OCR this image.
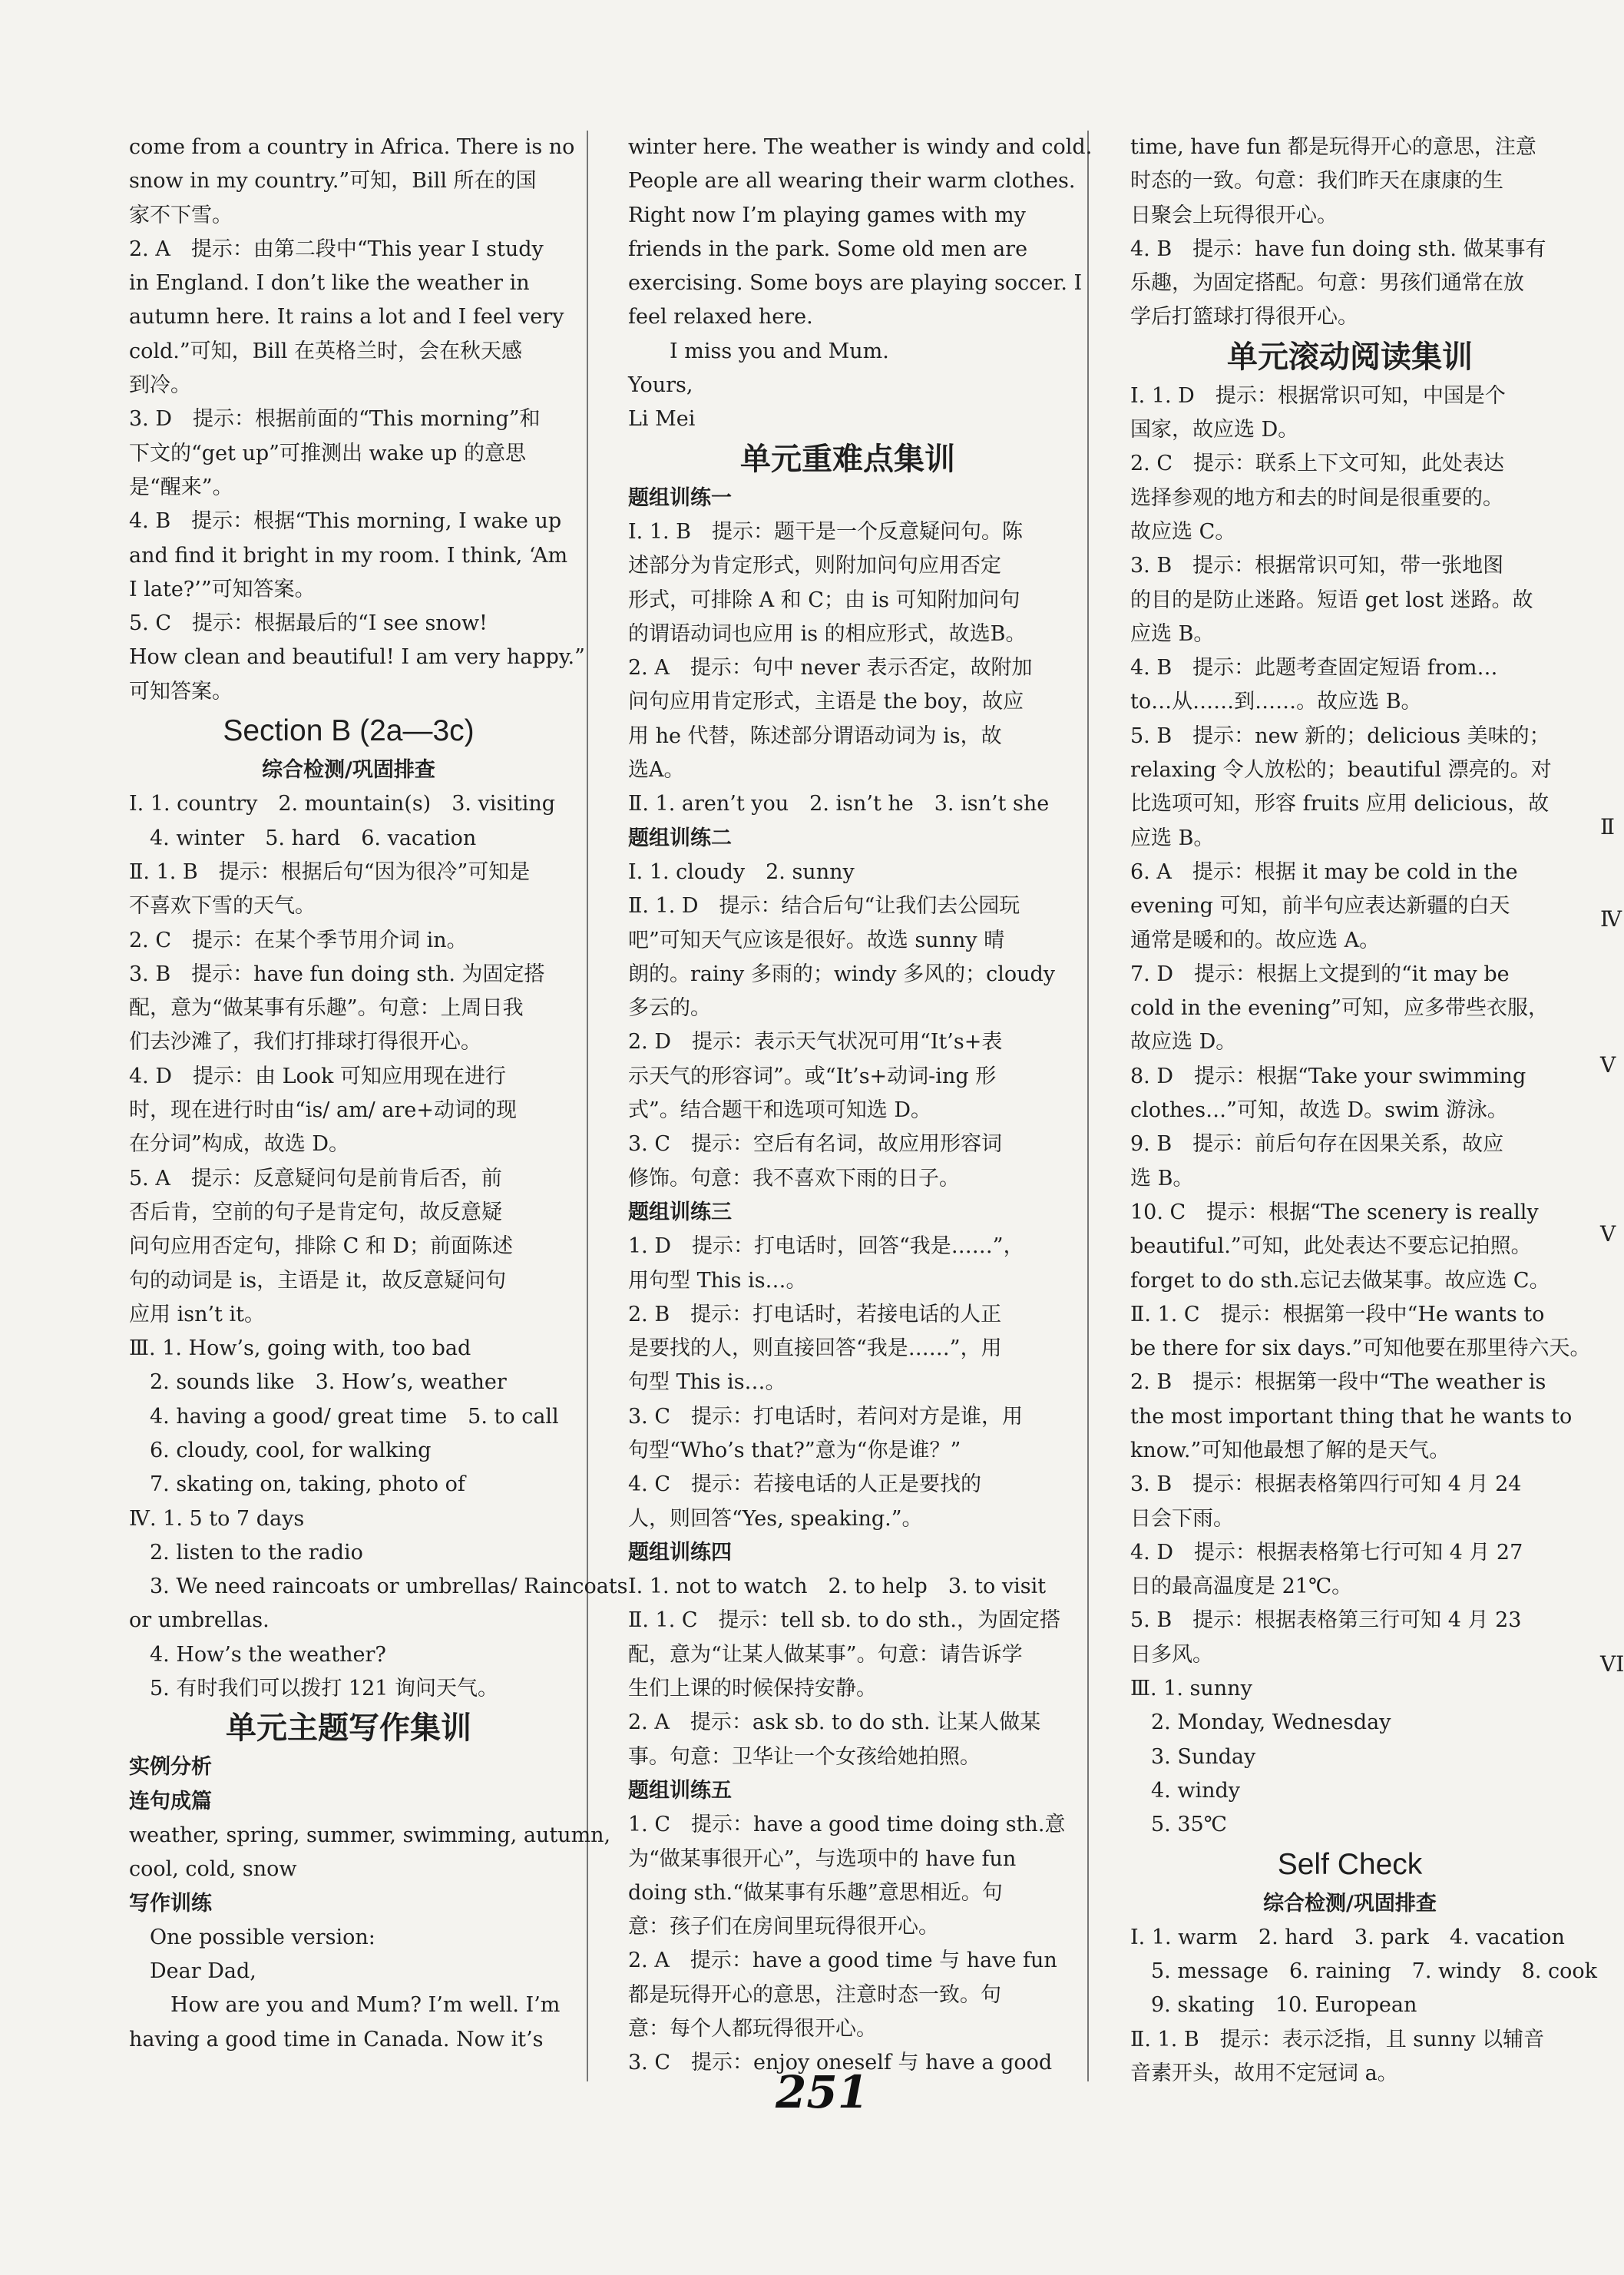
come from a country in Africa. There is no
snow in my country.”可知，Bill 所在的国
家不下雪。
2. A　提示：由第二段中“This year I study
in England. I don’t like the weather in
autumn here. It rains a lot and I feel very
cold.”可知，Bill 在英格兰时，会在秋天感
到冷。
3. D　提示：根据前面的“This morning”和
下文的“get up”可推测出 wake up 的意思
是“醒来”。
4. B　提示：根据“This morning, I wake up
and find it bright in my room. I think, ‘Am
I late?’”可知答案。
5. C　提示：根据最后的“I see snow!
How clean and beautiful! I am very happy.”
可知答案。
Section B (2a—3c)
综合检测/巩固排查
Ⅰ. 1. country　2. mountain(s)　3. visiting
　4. winter　5. hard　6. vacation
Ⅱ. 1. B　提示：根据后句“因为很冷”可知是
不喜欢下雪的天气。
2. C　提示：在某个季节用介词 in。
3. B　提示：have fun doing sth. 为固定搭
配，意为“做某事有乐趣”。句意：上周日我
们去沙滩了，我们打排球打得很开心。
4. D　提示：由 Look 可知应用现在进行
时，现在进行时由“is/ am/ are+动词的现
在分词”构成，故选 D。
5. A　提示：反意疑问句是前肯后否，前
否后肯，空前的句子是肯定句，故反意疑
问句应用否定句，排除 C 和 D；前面陈述
句的动词是 is，主语是 it，故反意疑问句
应用 isn’t it。
Ⅲ. 1. How’s, going with, too bad
　2. sounds like　3. How’s, weather
　4. having a good/ great time　5. to call
　6. cloudy, cool, for walking
　7. skating on, taking, photo of
Ⅳ. 1. 5 to 7 days
　2. listen to the radio
　3. We need raincoats or umbrellas/ Raincoats
or umbrellas.
　4. How’s the weather?
　5. 有时我们可以拨打 121 询问天气。
单元主题写作集训
实例分析
连句成篇
weather, spring, summer, swimming, autumn,
cool, cold, snow
写作训练
　One possible version:
　Dear Dad,
　　How are you and Mum? I’m well. I’m
having a good time in Canada. Now it’s
winter here. The weather is windy and cold.
People are all wearing their warm clothes.
Right now I’m playing games with my
friends in the park. Some old men are
exercising. Some boys are playing soccer. I
feel relaxed here.
　　I miss you and Mum.
Yours,
Li Mei
单元重难点集训
题组训练一
Ⅰ. 1. B　提示：题干是一个反意疑问句。陈
述部分为肯定形式，则附加问句应用否定
形式，可排除 A 和 C；由 is 可知附加问句
的谓语动词也应用 is 的相应形式，故选B。
2. A　提示：句中 never 表示否定，故附加
问句应用肯定形式，主语是 the boy，故应
用 he 代替，陈述部分谓语动词为 is，故
选A。
Ⅱ. 1. aren’t you　2. isn’t he　3. isn’t she
题组训练二
Ⅰ. 1. cloudy　2. sunny
Ⅱ. 1. D　提示：结合后句“让我们去公园玩
吧”可知天气应该是很好。故选 sunny 晴
朗的。rainy 多雨的；windy 多风的；cloudy
多云的。
2. D　提示：表示天气状况可用“It’s+表
示天气的形容词”。或“It’s+动词-ing 形
式”。结合题干和选项可知选 D。
3. C　提示：空后有名词，故应用形容词
修饰。句意：我不喜欢下雨的日子。
题组训练三
1. D　提示：打电话时，回答“我是……”，
用句型 This is…。
2. B　提示：打电话时，若接电话的人正
是要找的人，则直接回答“我是……”，用
句型 This is…。
3. C　提示：打电话时，若问对方是谁，用
句型“Who’s that?”意为“你是谁？”
4. C　提示：若接电话的人正是要找的
人，则回答“Yes, speaking.”。
题组训练四
Ⅰ. 1. not to watch　2. to help　3. to visit
Ⅱ. 1. C　提示：tell sb. to do sth.，为固定搭
配，意为“让某人做某事”。句意：请告诉学
生们上课的时候保持安静。
2. A　提示：ask sb. to do sth. 让某人做某
事。句意：卫华让一个女孩给她拍照。
题组训练五
1. C　提示：have a good time doing sth.意
为“做某事很开心”，与选项中的 have fun
doing sth.“做某事有乐趣”意思相近。句
意：孩子们在房间里玩得很开心。
2. A　提示：have a good time 与 have fun
都是玩得开心的意思，注意时态一致。句
意：每个人都玩得很开心。
3. C　提示：enjoy oneself 与 have a good
time, have fun 都是玩得开心的意思，注意
时态的一致。句意：我们昨天在康康的生
日聚会上玩得很开心。
4. B　提示：have fun doing sth. 做某事有
乐趣，为固定搭配。句意：男孩们通常在放
学后打篮球打得很开心。
单元滚动阅读集训
Ⅰ. 1. D　提示：根据常识可知，中国是个
国家，故应选 D。
2. C　提示：联系上下文可知，此处表达
选择参观的地方和去的时间是很重要的。
故应选 C。
3. B　提示：根据常识可知，带一张地图
的目的是防止迷路。短语 get lost 迷路。故
应选 B。
4. B　提示：此题考查固定短语 from…
to…从……到……。故应选 B。
5. B　提示：new 新的；delicious 美味的；
relaxing 令人放松的；beautiful 漂亮的。对
比选项可知，形容 fruits 应用 delicious，故
应选 B。
6. A　提示：根据 it may be cold in the
evening 可知，前半句应表达新疆的白天
通常是暖和的。故应选 A。
7. D　提示：根据上文提到的“it may be
cold in the evening”可知，应多带些衣服，
故应选 D。
8. D　提示：根据“Take your swimming
clothes…”可知，故选 D。swim 游泳。
9. B　提示：前后句存在因果关系，故应
选 B。
10. C　提示：根据“The scenery is really
beautiful.”可知，此处表达不要忘记拍照。
forget to do sth.忘记去做某事。故应选 C。
Ⅱ. 1. C　提示：根据第一段中“He wants to
be there for six days.”可知他要在那里待六天。
2. B　提示：根据第一段中“The weather is
the most important thing that he wants to
know.”可知他最想了解的是天气。
3. B　提示：根据表格第四行可知 4 月 24
日会下雨。
4. D　提示：根据表格第七行可知 4 月 27
日的最高温度是 21℃。
5. B　提示：根据表格第三行可知 4 月 23
日多风。
Ⅲ. 1. sunny
　2. Monday, Wednesday
　3. Sunday
　4. windy
　5. 35℃
Self Check
综合检测/巩固排查
Ⅰ. 1. warm　2. hard　3. park　4. vacation
　5. message　6. raining　7. windy　8. cook
　9. skating　10. European
Ⅱ. 1. B　提示：表示泛指，且 sunny 以辅音
音素开头，故用不定冠词 a。
251
Ⅱ
Ⅳ
V
V
VI
